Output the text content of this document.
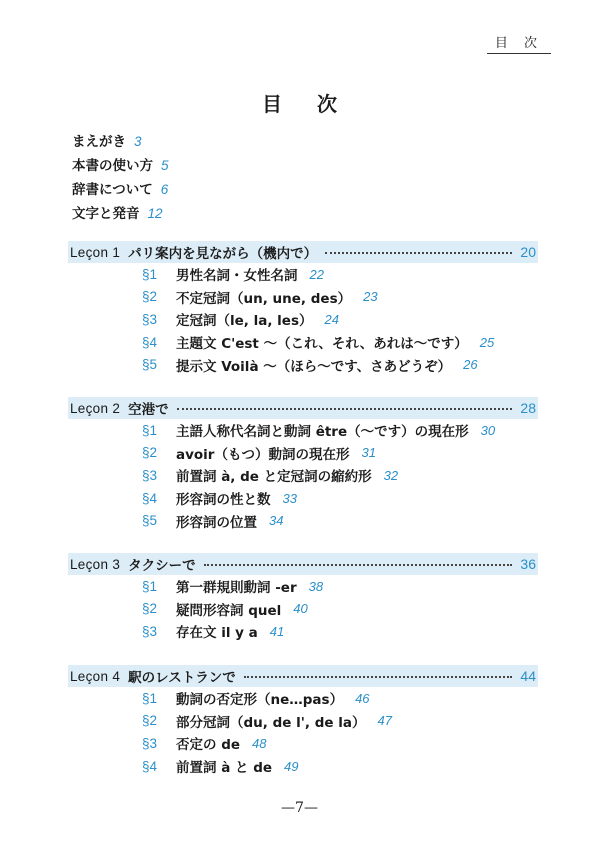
目 次
目 次
まえがき 3
本書の使い方 5
辞書について 6
文字と発音 12
Leçon 1 パリ案内を見ながら（機内で）	20
§1	男性名詞・女性名詞 22
§2	不定冠詞（un, une, des） 23
§3	定冠詞（le, la, les） 24
§4	主題文 C'est ～（これ、それ、あれは～です） 25
§5	提示文 Voilà ～（ほら～です、さあどうぞ） 26
Leçon 2 空港で	28
§1	主語人称代名詞と動詞 être（～です）の現在形 30
§2	avoir（もつ）動詞の現在形 31
§3	前置詞 à, de と定冠詞の縮約形 32
§4	形容詞の性と数 33
§5	形容詞の位置 34
Leçon 3 タクシーで	36
§1	第一群規則動詞 -er 38
§2	疑問形容詞 quel 40
§3	存在文 il y a 41
Leçon 4 駅のレストランで	44
§1	動詞の否定形（ne…pas） 46
§2	部分冠詞（du, de l', de la） 47
§3	否定の de 48
§4	前置詞 à と de 49
—7—
